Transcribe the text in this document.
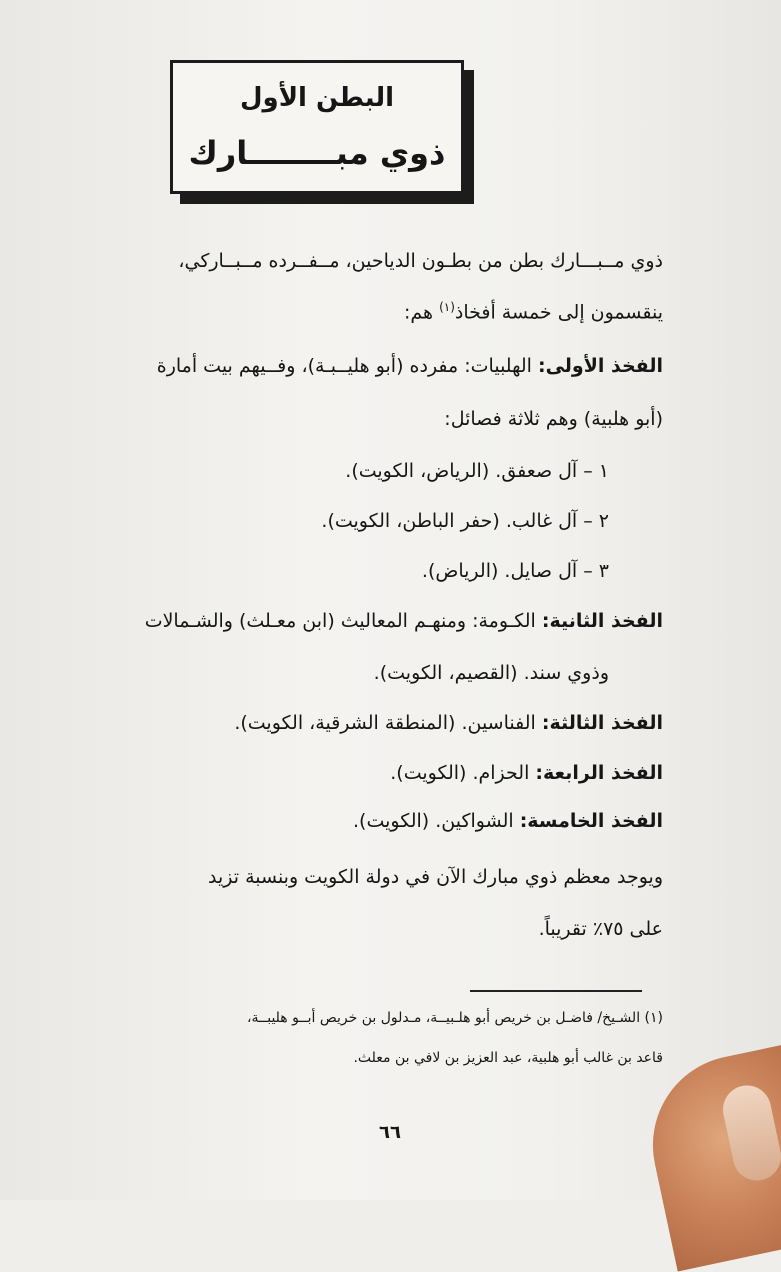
البطن الأول
ذوي مبــــــــارك
ذوي مــبـــارك بطن من بطـون الدياحين، مــفــرده مــبــاركي،
ينقسمون إلى خمسة أفخاذ$^{(١)}$ هم:
الفخذ الأولى: الهلبيات: مفرده (أبو هليــبـة)، وفــيهم بيت أمارة
(أبو هلبية) وهم ثلاثة فصائل:
١ – آل صعفق. (الرياض، الكويت).
٢ – آل غالب. (حفر الباطن، الكويت).
٣ – آل صايل. (الرياض).
الفخذ الثانية: الكـومة: ومنهـم المعاليث (ابن معـلث) والشـمالات
وذوي سند. (القصيم، الكويت).
الفخذ الثالثة: الفناسين. (المنطقة الشرقية، الكويت).
الفخذ الرابعة: الحزام. (الكويت).
الفخذ الخامسة: الشواكين. (الكويت).
ويوجد معظم ذوي مبارك الآن في دولة الكويت وبنسبة تزيد
على ٧٥٪ تقريباً.
(١) الشـيخ/ فاضـل بن خريص أبو هلـبيــة، مـدلول بن خريص أبــو هليبــة،
قاعد بن غالب أبو هلبية، عبد العزيز بن لافي بن معلث.
٦٦
